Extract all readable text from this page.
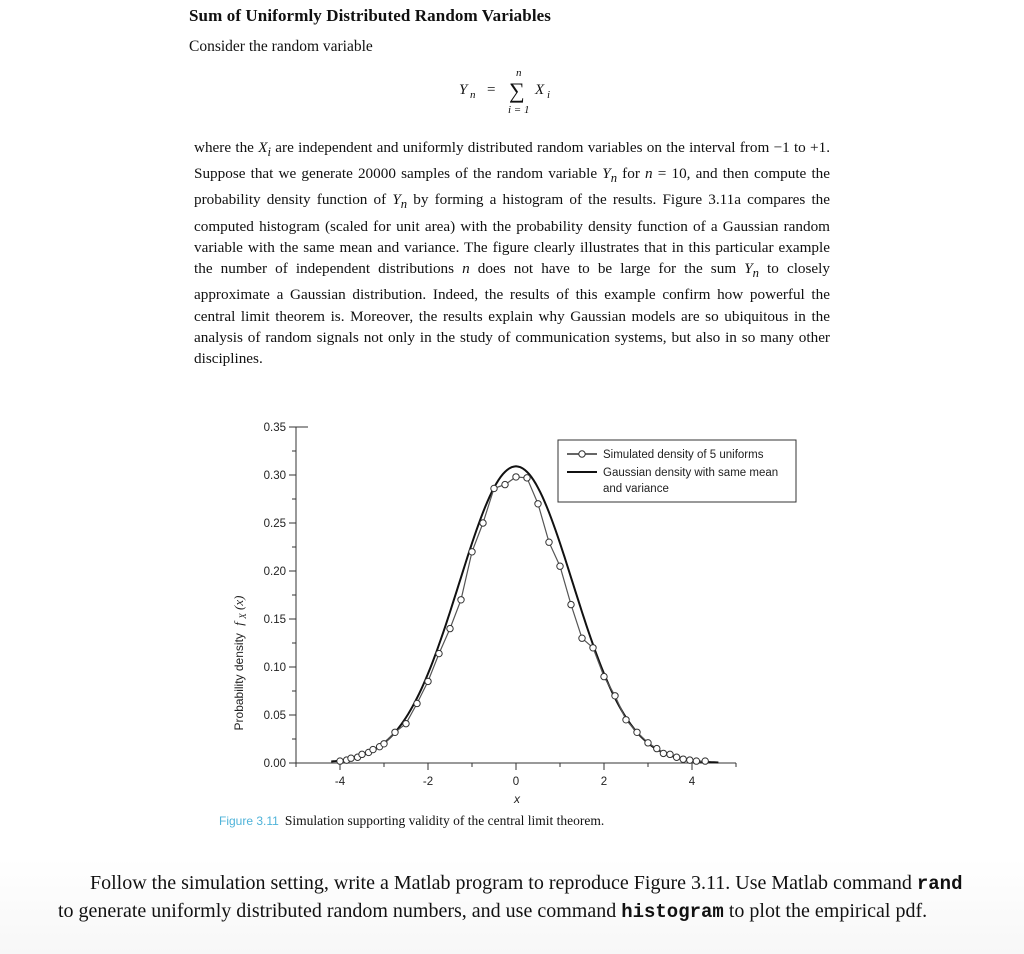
Sum of Uniformly Distributed Random Variables
Consider the random variable
Y n = ∑
n
i = 1
X i

where the $X_i$ are independent and uniformly distributed random variables on the interval from −1 to +1. Suppose that we generate 20000 samples of the random variable $Y_n$ for n = 10, and then compute the probability density function of $Y_n$ by forming a histogram of the results. Figure 3.11a compares the computed histogram (scaled for unit area) with the probability density function of a Gaussian random variable with the same mean and variance. The figure clearly illustrates that in this particular example the number of independent distributions n does not have to be large for the sum $Y_n$ to closely approximate a Gaussian distribution. Indeed, the results of this example confirm how powerful the central limit theorem is. Moreover, the results explain why Gaussian models are so ubiquitous in the analysis of random signals not only in the study of communication systems, but also in so many other disciplines.

0.00
0.05
0.10
0.15
0.20
0.25
0.30
0.35
-4	-2	0	2	4
Probability density f $_X$ (x)
x
Simulated density of 5 uniforms
Gaussian density with same mean and variance
Figure 3.11 Simulation supporting validity of the central limit theorem.

Follow the simulation setting, write a Matlab program to reproduce Figure 3.11. Use Matlab command rand to generate uniformly distributed random numbers, and use command histogram to plot the empirical pdf.
